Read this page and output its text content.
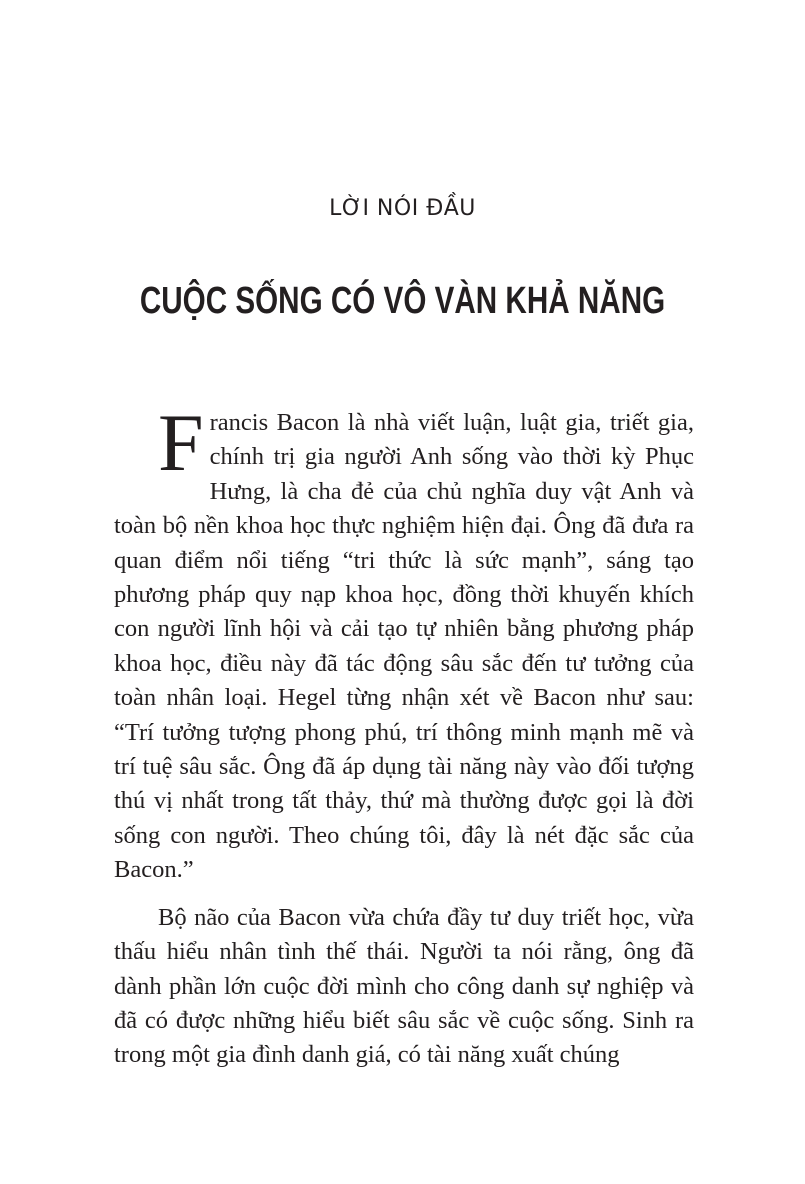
LỜI NÓI ĐẦU
CUỘC SỐNG CÓ VÔ VÀN KHẢ NĂNG

Francis Bacon là nhà viết luận, luật gia, triết gia, chính trị gia người Anh sống vào thời kỳ Phục Hưng, là cha đẻ của chủ nghĩa duy vật Anh và toàn bộ nền khoa học thực nghiệm hiện đại. Ông đã đưa ra quan điểm nổi tiếng “tri thức là sức mạnh”, sáng tạo phương pháp quy nạp khoa học, đồng thời khuyến khích con người lĩnh hội và cải tạo tự nhiên bằng phương pháp khoa học, điều này đã tác động sâu sắc đến tư tưởng của toàn nhân loại. Hegel từng nhận xét về Bacon như sau: “Trí tưởng tượng phong phú, trí thông minh mạnh mẽ và trí tuệ sâu sắc. Ông đã áp dụng tài năng này vào đối tượng thú vị nhất trong tất thảy, thứ mà thường được gọi là đời sống con người. Theo chúng tôi, đây là nét đặc sắc của Bacon.”

Bộ não của Bacon vừa chứa đầy tư duy triết học, vừa thấu hiểu nhân tình thế thái. Người ta nói rằng, ông đã dành phần lớn cuộc đời mình cho công danh sự nghiệp và đã có được những hiểu biết sâu sắc về cuộc sống. Sinh ra trong một gia đình danh giá, có tài năng xuất chúng
